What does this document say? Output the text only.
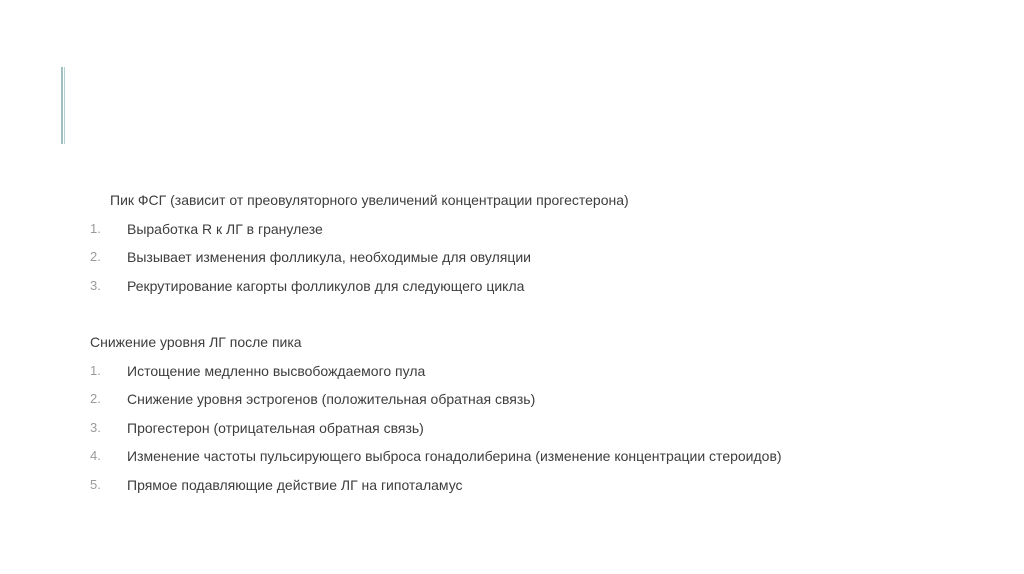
Пик ФСГ (зависит от преовуляторного увеличений концентрации прогестерона)
1. Выработка R к ЛГ в гранулезе
2. Вызывает изменения фолликула, необходимые для овуляции
3. Рекрутирование кагорты фолликулов для следующего цикла
Снижение уровня ЛГ после пика
1. Истощение медленно высвобождаемого пула
2. Снижение уровня эстрогенов (положительная обратная связь)
3. Прогестерон (отрицательная обратная связь)
4. Изменение частоты пульсирующего выброса гонадолиберина (изменение концентрации стероидов)
5. Прямое подавляющие действие ЛГ на гипоталамус
